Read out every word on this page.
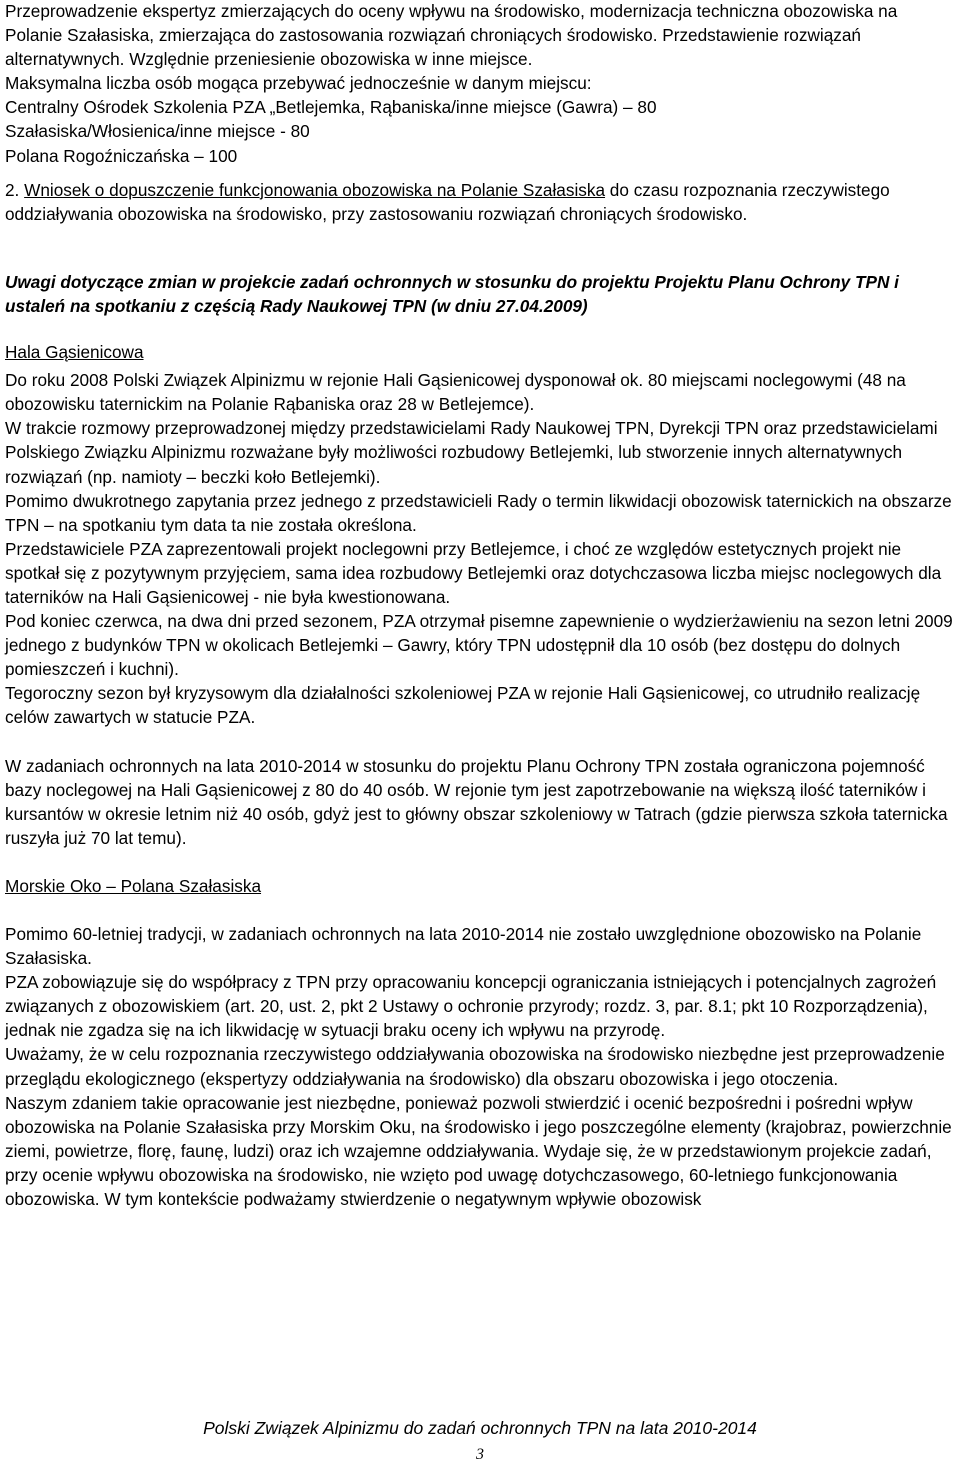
Przeprowadzenie ekspertyz zmierzających do oceny wpływu na środowisko, modernizacja techniczna obozowiska na Polanie Szałasiska, zmierzająca do zastosowania rozwiązań chroniących środowisko. Przedstawienie rozwiązań alternatywnych. Względnie przeniesienie obozowiska w inne miejsce.

Maksymalna liczba osób mogąca przebywać jednocześnie w danym miejscu:

Centralny Ośrodek Szkolenia PZA „Betlejemka, Rąbaniska/inne miejsce (Gawra) – 80

Szałasiska/Włosienica/inne miejsce - 80

Polana Rogoźniczańska – 100

2. Wniosek o dopuszczenie funkcjonowania obozowiska na Polanie Szałasiska do czasu rozpoznania rzeczywistego oddziaływania obozowiska na środowisko, przy zastosowaniu rozwiązań chroniących środowisko.

Uwagi dotyczące zmian w projekcie zadań ochronnych w stosunku do projektu Projektu Planu Ochrony TPN i ustaleń na spotkaniu z częścią Rady Naukowej TPN (w dniu 27.04.2009)

Hala Gąsienicowa

Do roku 2008 Polski Związek Alpinizmu w rejonie Hali Gąsienicowej dysponował ok. 80 miejscami noclegowymi (48 na obozowisku taternickim na Polanie Rąbaniska oraz 28 w Betlejemce).

W trakcie rozmowy przeprowadzonej między przedstawicielami Rady Naukowej TPN, Dyrekcji TPN oraz przedstawicielami Polskiego Związku Alpinizmu rozważane były możliwości rozbudowy Betlejemki, lub stworzenie innych alternatywnych rozwiązań (np. namioty – beczki koło Betlejemki).

Pomimo dwukrotnego zapytania przez jednego z przedstawicieli Rady o termin likwidacji obozowisk taternickich na obszarze TPN – na spotkaniu tym data ta nie została określona.

Przedstawiciele PZA zaprezentowali projekt noclegowni przy Betlejemce, i choć ze względów estetycznych projekt nie spotkał się z pozytywnym przyjęciem, sama idea rozbudowy Betlejemki oraz dotychczasowa liczba miejsc noclegowych dla taterników na Hali Gąsienicowej - nie była kwestionowana.

Pod koniec czerwca, na dwa dni przed sezonem, PZA otrzymał pisemne zapewnienie o wydzierżawieniu na sezon letni 2009 jednego z budynków TPN w okolicach Betlejemki – Gawry, który TPN udostępnił dla 10 osób (bez dostępu do dolnych pomieszczeń i kuchni).

Tegoroczny sezon był kryzysowym dla działalności szkoleniowej PZA w rejonie Hali Gąsienicowej, co utrudniło realizację celów zawartych w statucie PZA.

W zadaniach ochronnych na lata 2010-2014 w stosunku do projektu Planu Ochrony TPN została ograniczona pojemność bazy noclegowej na Hali Gąsienicowej z 80 do 40 osób. W rejonie tym jest zapotrzebowanie na większą ilość taterników i kursantów w okresie letnim niż 40 osób, gdyż jest to główny obszar szkoleniowy w Tatrach (gdzie pierwsza szkoła taternicka ruszyła już 70 lat temu).

Morskie Oko – Polana Szałasiska

Pomimo 60-letniej tradycji, w zadaniach ochronnych na lata 2010-2014 nie zostało uwzględnione obozowisko na Polanie Szałasiska.

PZA zobowiązuje się do współpracy z TPN przy opracowaniu koncepcji ograniczania istniejących i potencjalnych zagrożeń związanych z obozowiskiem (art. 20, ust. 2, pkt 2 Ustawy o ochronie przyrody; rozdz. 3, par. 8.1; pkt 10 Rozporządzenia), jednak nie zgadza się na ich likwidację w sytuacji braku oceny ich wpływu na przyrodę.

Uważamy, że w celu rozpoznania rzeczywistego oddziaływania obozowiska na środowisko niezbędne jest przeprowadzenie przeglądu ekologicznego (ekspertyzy oddziaływania na środowisko) dla obszaru obozowiska i jego otoczenia.

Naszym zdaniem takie opracowanie jest niezbędne, ponieważ pozwoli stwierdzić i ocenić bezpośredni i pośredni wpływ obozowiska na Polanie Szałasiska przy Morskim Oku, na środowisko i jego poszczególne elementy (krajobraz, powierzchnie ziemi, powietrze, florę, faunę, ludzi) oraz ich wzajemne oddziaływania. Wydaje się, że w przedstawionym projekcie zadań, przy ocenie wpływu obozowiska na środowisko, nie wzięto pod uwagę dotychczasowego, 60-letniego funkcjonowania obozowiska. W tym kontekście podważamy stwierdzenie o negatywnym wpływie obozowisk

Polski Związek Alpinizmu do zadań ochronnych TPN na lata 2010-2014
3
